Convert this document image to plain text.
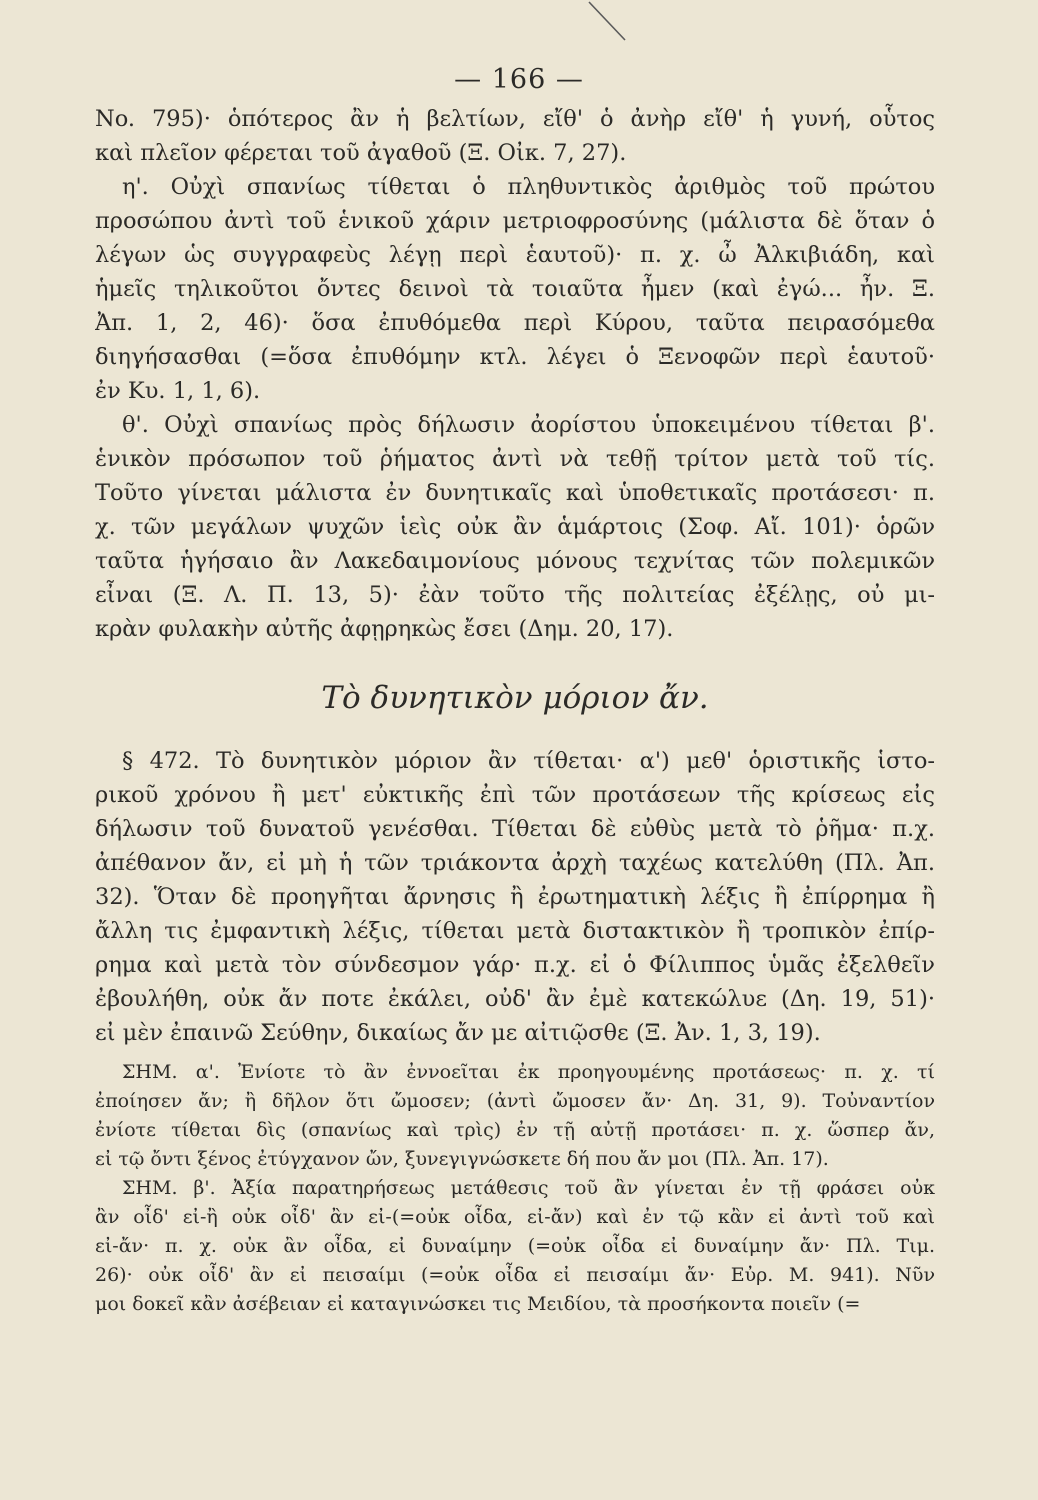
— 166 —
No. 795)· ὁπότερος ἂν ἡ βελτίων, εἴθ' ὁ ἀνὴρ εἴθ' ἡ γυνή, οὗτος
καὶ πλεῖον φέρεται τοῦ ἀγαθοῦ (Ξ. Οἰκ. 7, 27).
η'. Οὐχὶ σπανίως τίθεται ὁ πληθυντικὸς ἀριθμὸς τοῦ πρώτου
προσώπου ἀντὶ τοῦ ἑνικοῦ χάριν μετριοφροσύνης (μάλιστα δὲ ὅταν ὁ
λέγων ὡς συγγραφεὺς λέγῃ περὶ ἑαυτοῦ)· π. χ. ὦ Ἀλκιβιάδη, καὶ
ἡμεῖς τηλικοῦτοι ὄντες δεινοὶ τὰ τοιαῦτα ἦμεν (καὶ ἐγώ... ἦν. Ξ.
Ἀπ. 1, 2, 46)· ὅσα ἐπυθόμεθα περὶ Κύρου, ταῦτα πειρασόμεθα
διηγήσασθαι (=ὅσα ἐπυθόμην κτλ. λέγει ὁ Ξενοφῶν περὶ ἑαυτοῦ·
ἐν Κυ. 1, 1, 6).
θ'. Οὐχὶ σπανίως πρὸς δήλωσιν ἀορίστου ὑποκειμένου τίθεται β'.
ἑνικὸν πρόσωπον τοῦ ῥήματος ἀντὶ νὰ τεθῇ τρίτον μετὰ τοῦ τίς.
Τοῦτο γίνεται μάλιστα ἐν δυνητικαῖς καὶ ὑποθετικαῖς προτάσεσι· π.
χ. τῶν μεγάλων ψυχῶν ἱεὶς οὐκ ἂν ἁμάρτοις (Σοφ. Αἴ. 101)· ὁρῶν
ταῦτα ἡγήσαιο ἂν Λακεδαιμονίους μόνους τεχνίτας τῶν πολεμικῶν
εἶναι (Ξ. Λ. Π. 13, 5)· ἐὰν τοῦτο τῆς πολιτείας ἐξέλῃς, οὐ μι-
κρὰν φυλακὴν αὐτῆς ἀφῃρηκὼς ἔσει (Δημ. 20, 17).
Τὸ δυνητικὸν μόριον ἄν.
§ 472. Τὸ δυνητικὸν μόριον ἂν τίθεται· α') μεθ' ὁριστικῆς ἱστο-
ρικοῦ χρόνου ἢ μετ' εὐκτικῆς ἐπὶ τῶν προτάσεων τῆς κρίσεως εἰς
δήλωσιν τοῦ δυνατοῦ γενέσθαι. Τίθεται δὲ εὐθὺς μετὰ τὸ ῥῆμα· π.χ.
ἀπέθανον ἄν, εἰ μὴ ἡ τῶν τριάκοντα ἀρχὴ ταχέως κατελύθη (Πλ. Ἀπ.
32). Ὅταν δὲ προηγῆται ἄρνησις ἢ ἐρωτηματικὴ λέξις ἢ ἐπίρρημα ἢ
ἄλλη τις ἐμφαντικὴ λέξις, τίθεται μετὰ διστακτικὸν ἢ τροπικὸν ἐπίρ-
ρημα καὶ μετὰ τὸν σύνδεσμον γάρ· π.χ. εἰ ὁ Φίλιππος ὑμᾶς ἐξελθεῖν
ἐβουλήθη, οὐκ ἄν ποτε ἐκάλει, οὐδ' ἂν ἐμὲ κατεκώλυε (Δη. 19, 51)·
εἰ μὲν ἐπαινῶ Σεύθην, δικαίως ἄν με αἰτιῷσθε (Ξ. Ἀν. 1, 3, 19).
ΣΗΜ. α'. Ἐνίοτε τὸ ἂν ἐννοεῖται ἐκ προηγουμένης προτάσεως· π. χ. τί
ἐποίησεν ἄν; ἢ δῆλον ὅτι ὤμοσεν; (ἀντὶ ὤμοσεν ἄν· Δη. 31, 9). Τοὐναντίον
ἐνίοτε τίθεται δὶς (σπανίως καὶ τρὶς) ἐν τῇ αὐτῇ προτάσει· π. χ. ὥσπερ ἄν,
εἰ τῷ ὄντι ξένος ἐτύγχανον ὤν, ξυνεγιγνώσκετε δή που ἄν μοι (Πλ. Ἀπ. 17).
ΣΗΜ. β'. Ἀξία παρατηρήσεως μετάθεσις τοῦ ἂν γίνεται ἐν τῇ φράσει οὐκ
ἂν οἶδ' εἰ-ἢ οὐκ οἶδ' ἂν εἰ-(=οὐκ οἶδα, εἰ-ἄν) καὶ ἐν τῷ κἂν εἰ ἀντὶ τοῦ καὶ
εἰ-ἄν· π. χ. οὐκ ἂν οἶδα, εἰ δυναίμην (=οὐκ οἶδα εἰ δυναίμην ἄν· Πλ. Τιμ.
26)· οὐκ οἶδ' ἂν εἰ πεισαίμι (=οὐκ οἶδα εἰ πεισαίμι ἄν· Εὐρ. Μ. 941). Νῦν
μοι δοκεῖ κἂν ἀσέβειαν εἰ καταγινώσκει τις Μειδίου, τὰ προσήκοντα ποιεῖν (=
